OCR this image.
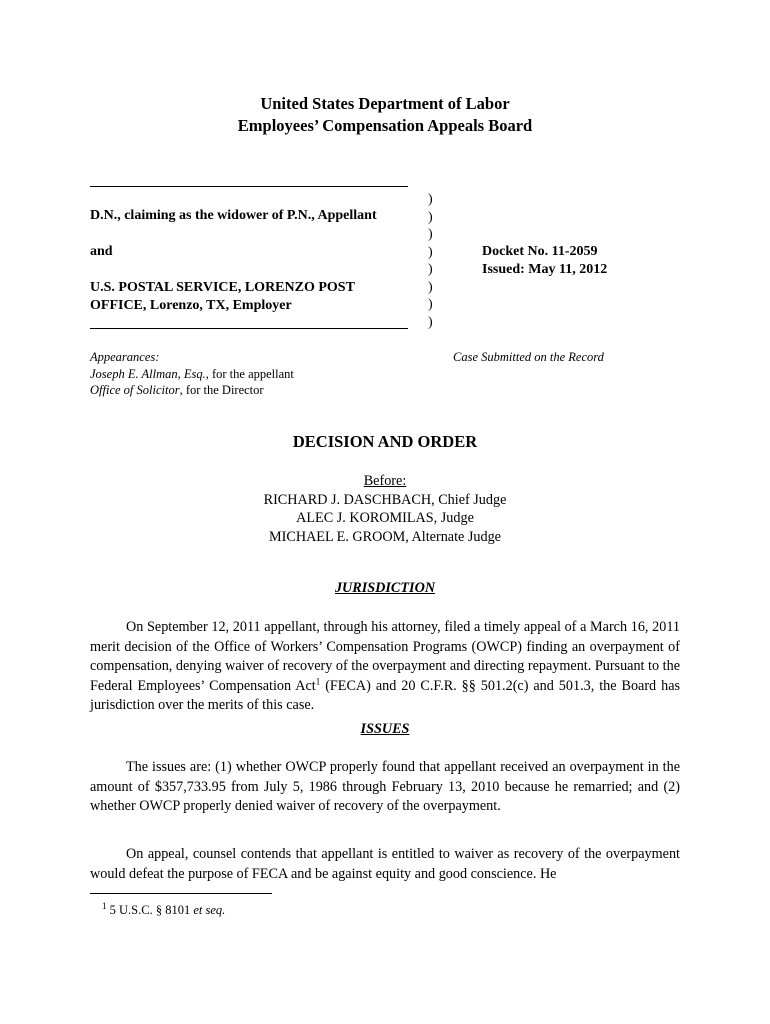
United States Department of Labor
Employees’ Compensation Appeals Board
D.N., claiming as the widower of P.N., Appellant
and
U.S. POSTAL SERVICE, LORENZO POST
OFFICE, Lorenzo, TX, Employer
)
)
)
)
)
)
)
)
Docket No. 11-2059
Issued: May 11, 2012
Appearances:
Joseph E. Allman, Esq., for the appellant
Office of Solicitor, for the Director
Case Submitted on the Record
DECISION AND ORDER
Before:
RICHARD J. DASCHBACH, Chief Judge
ALEC J. KOROMILAS, Judge
MICHAEL E. GROOM, Alternate Judge
JURISDICTION

On September 12, 2011 appellant, through his attorney, filed a timely appeal of a March 16, 2011 merit decision of the Office of Workers’ Compensation Programs (OWCP) finding an overpayment of compensation, denying waiver of recovery of the overpayment and directing repayment. Pursuant to the Federal Employees’ Compensation Act$^1$ (FECA) and 20 C.F.R. §§ 501.2(c) and 501.3, the Board has jurisdiction over the merits of this case.

ISSUES

The issues are: (1) whether OWCP properly found that appellant received an overpayment in the amount of $357,733.95 from July 5, 1986 through February 13, 2010 because he remarried; and (2) whether OWCP properly denied waiver of recovery of the overpayment.

On appeal, counsel contends that appellant is entitled to waiver as recovery of the overpayment would defeat the purpose of FECA and be against equity and good conscience. He

$^1$ 5 U.S.C. § 8101 et seq.
